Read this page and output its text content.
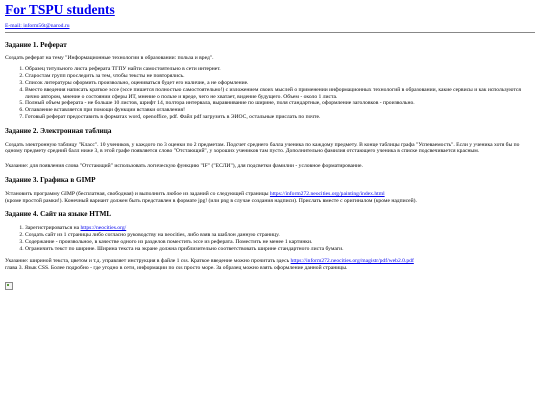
For TSPU students
E-mail: inform56t@narod.ru
Задание 1. Реферат

Создать реферат на тему "Информационные технологии в образовании: польза и вред".

1. Образец титульного листа реферата ТГПУ найти самостоятельно в сети интернет.
2. Старостам групп проследить за тем, чтобы тексты не повторялись.
3. Список литературы оформить произвольно, оцениваться будет его наличие, а не оформление.
4. Вместо введения написать краткое эссе (эссе пишется полностью самостоятельно!) с изложением своих мыслей о применении информационных технологий в образовании, какие сервисы и как используются лично автором, мнение о состоянии сферы ИТ, мнение о пользе и вреде, чего не хватает, видение будущего. Объем - около 1 листа.
5. Полный объем реферата - не больше 10 листов, шрифт 14, полтора интервала, выравнивание по ширине, поля стандартные, оформление заголовков - произвольно.
6. Оглавление вставляется при помощи функции вставки оглавления!
7. Готовый реферат предоставить в форматах word, openoffice, pdf. Файл pdf загрузить в ЭИОС, остальные прислать по почте.
Задание 2. Электронная таблица

Создать электронную таблицу "Класс". 10 учеников, у каждого по 3 оценки по 2 предметам. Подсчет среднего балла ученика по каждому предмету. В конце таблицы графа "Успеваемость". Если у ученика хотя бы по одному предмету средний балл ниже 3, в этой графе появляется слово "Отстающий", у хороших учеников там пусто. Дополнительно фамилия отстающего ученика в списке подсвечивается красным.

Указание: для появления слова "Отстающий" использовать логическую функцию "IF" ("ЕСЛИ"), для подсветки фамилии - условное форматирование.

Задание 3. Графика в GIMP

Установить программу GIMP (бесплатная, свободная) и выполнить любое из заданий со следующей страницы https://inform272.neocities.org/painting/index.html
(кроме простой рамки!). Конечный вариант должен быть представлен в формате jpg! (или png в случае создания надписи). Прислать вместе с оригиналом (кроме надписей).

Задание 4. Сайт на языке HTML
1. Зарегистрироваться на https://neocities.org/
2. Создать сайт из 1 страницы либо согласно руководству на neocities, либо взяв за шаблон данную страницу.
3. Содержание - произвольное, в качестве одного из разделов поместить эссе из реферата. Поместить не менее 1 картинки.
4. Ограничить текст по ширине. Ширина текста на экране должна приблизительно соответствовать ширине стандартного листа бумаги.

Указание: шириной текста, цветом и т.д. управляет инструкция в файле 1 css. Краткое введение можно прочитать здесь https://inform272.neocities.org/magistr/pdf/web2.0.pdf
глава 3. Язык CSS. Более подробно - где угодно в сети, информации по css просто море. За образец можно взять оформление данной страницы.
